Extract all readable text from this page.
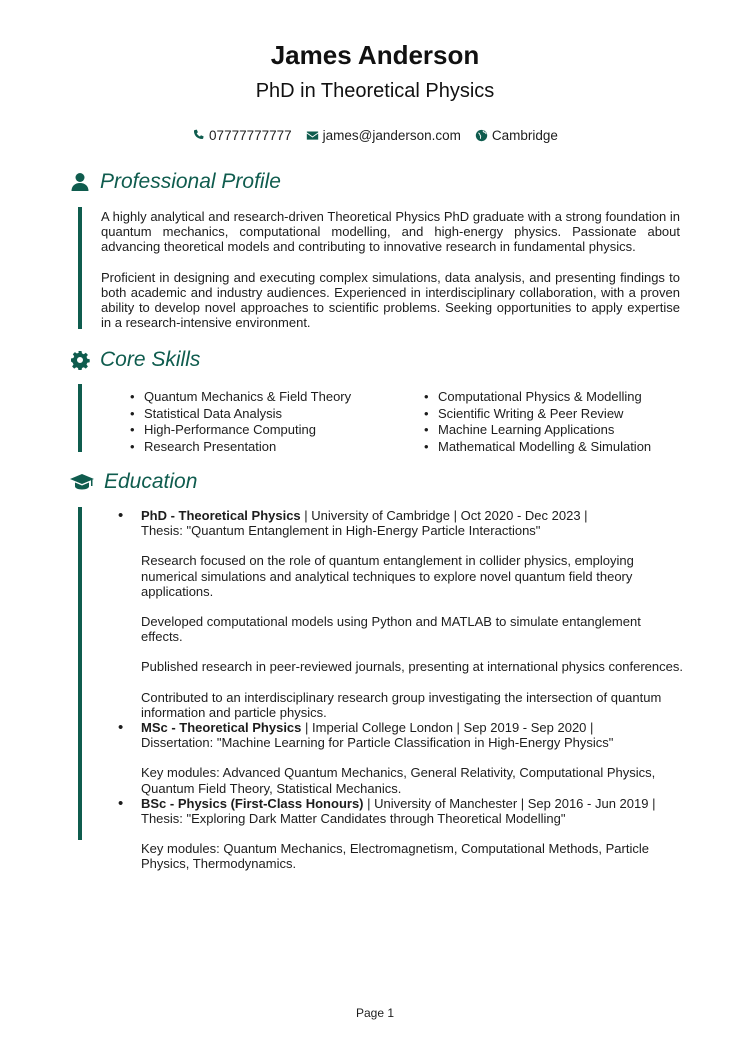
James Anderson
PhD in Theoretical Physics
07777777777 james@janderson.com Cambridge
Professional Profile

A highly analytical and research-driven Theoretical Physics PhD graduate with a strong foundation in quantum mechanics, computational modelling, and high-energy physics. Passionate about advancing theoretical models and contributing to innovative research in fundamental physics.

Proficient in designing and executing complex simulations, data analysis, and presenting findings to both academic and industry audiences. Experienced in interdisciplinary collaboration, with a proven ability to develop novel approaches to scientific problems. Seeking opportunities to apply expertise in a research-intensive environment.

Core Skills
• Quantum Mechanics & Field Theory	• Computational Physics & Modelling
• Statistical Data Analysis	• Scientific Writing & Peer Review
• High-Performance Computing	• Machine Learning Applications
• Research Presentation	• Mathematical Modelling & Simulation
Education
•	PhD - Theoretical Physics | University of Cambridge | Oct 2020 - Dec 2023 |

Thesis: "Quantum Entanglement in High-Energy Particle Interactions"

Research focused on the role of quantum entanglement in collider physics, employing numerical simulations and analytical techniques to explore novel quantum field theory applications.

Developed computational models using Python and MATLAB to simulate entanglement effects.

Published research in peer-reviewed journals, presenting at international physics conferences.

Contributed to an interdisciplinary research group investigating the intersection of quantum information and particle physics.

•	MSc - Theoretical Physics | Imperial College London | Sep 2019 - Sep 2020 |

Dissertation: "Machine Learning for Particle Classification in High-Energy Physics"

Key modules: Advanced Quantum Mechanics, General Relativity, Computational Physics, Quantum Field Theory, Statistical Mechanics.

•	BSc - Physics (First-Class Honours) | University of Manchester | Sep 2016 - Jun 2019 |

Thesis: "Exploring Dark Matter Candidates through Theoretical Modelling"

Key modules: Quantum Mechanics, Electromagnetism, Computational Methods, Particle Physics, Thermodynamics.

Page 1
